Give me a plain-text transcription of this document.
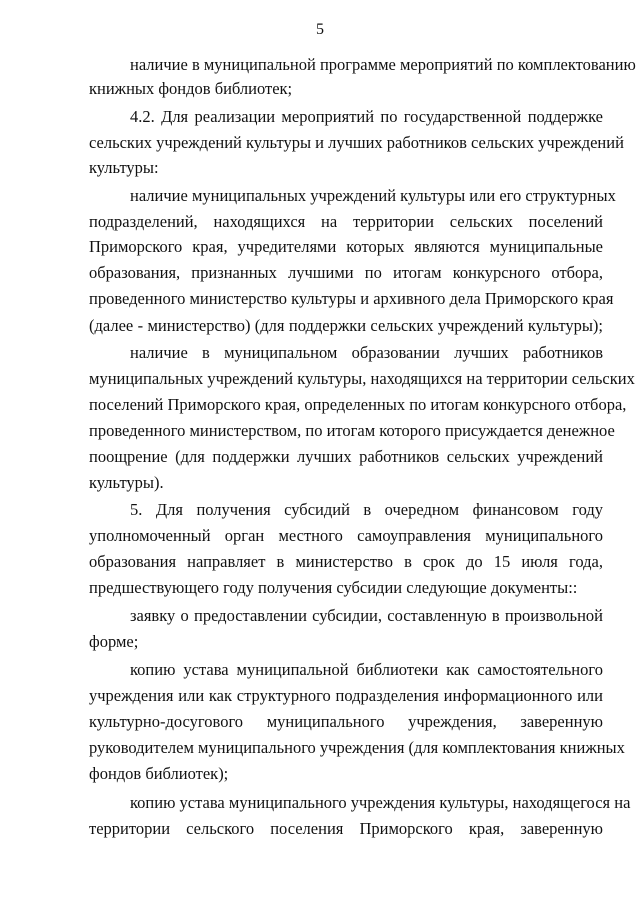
5
наличие в муниципальной программе мероприятий по комплектованию
книжных фондов библиотек;
4.2. Для реализации мероприятий по государственной поддержке
сельских учреждений культуры и лучших работников сельских учреждений
культуры:
наличие муниципальных учреждений культуры или его структурных
подразделений, находящихся на территории сельских поселений
Приморского края, учредителями которых являются муниципальные
образования, признанных лучшими по итогам конкурсного отбора,
проведенного министерство культуры и архивного дела Приморского края
(далее - министерство) (для поддержки сельских учреждений культуры);
наличие в муниципальном образовании лучших работников
муниципальных учреждений культуры, находящихся на территории сельских
поселений Приморского края, определенных по итогам конкурсного отбора,
проведенного министерством, по итогам которого присуждается денежное
поощрение (для поддержки лучших работников сельских учреждений
культуры).
5. Для получения субсидий в очередном финансовом году
уполномоченный орган местного самоуправления муниципального
образования направляет в министерство в срок до 15 июля года,
предшествующего году получения субсидии следующие документы::
заявку о предоставлении субсидии, составленную в произвольной
форме;
копию устава муниципальной библиотеки как самостоятельного
учреждения или как структурного подразделения информационного или
культурно-досугового муниципального учреждения, заверенную
руководителем муниципального учреждения (для комплектования книжных
фондов библиотек);
копию устава муниципального учреждения культуры, находящегося на
территории сельского поселения Приморского края, заверенную
